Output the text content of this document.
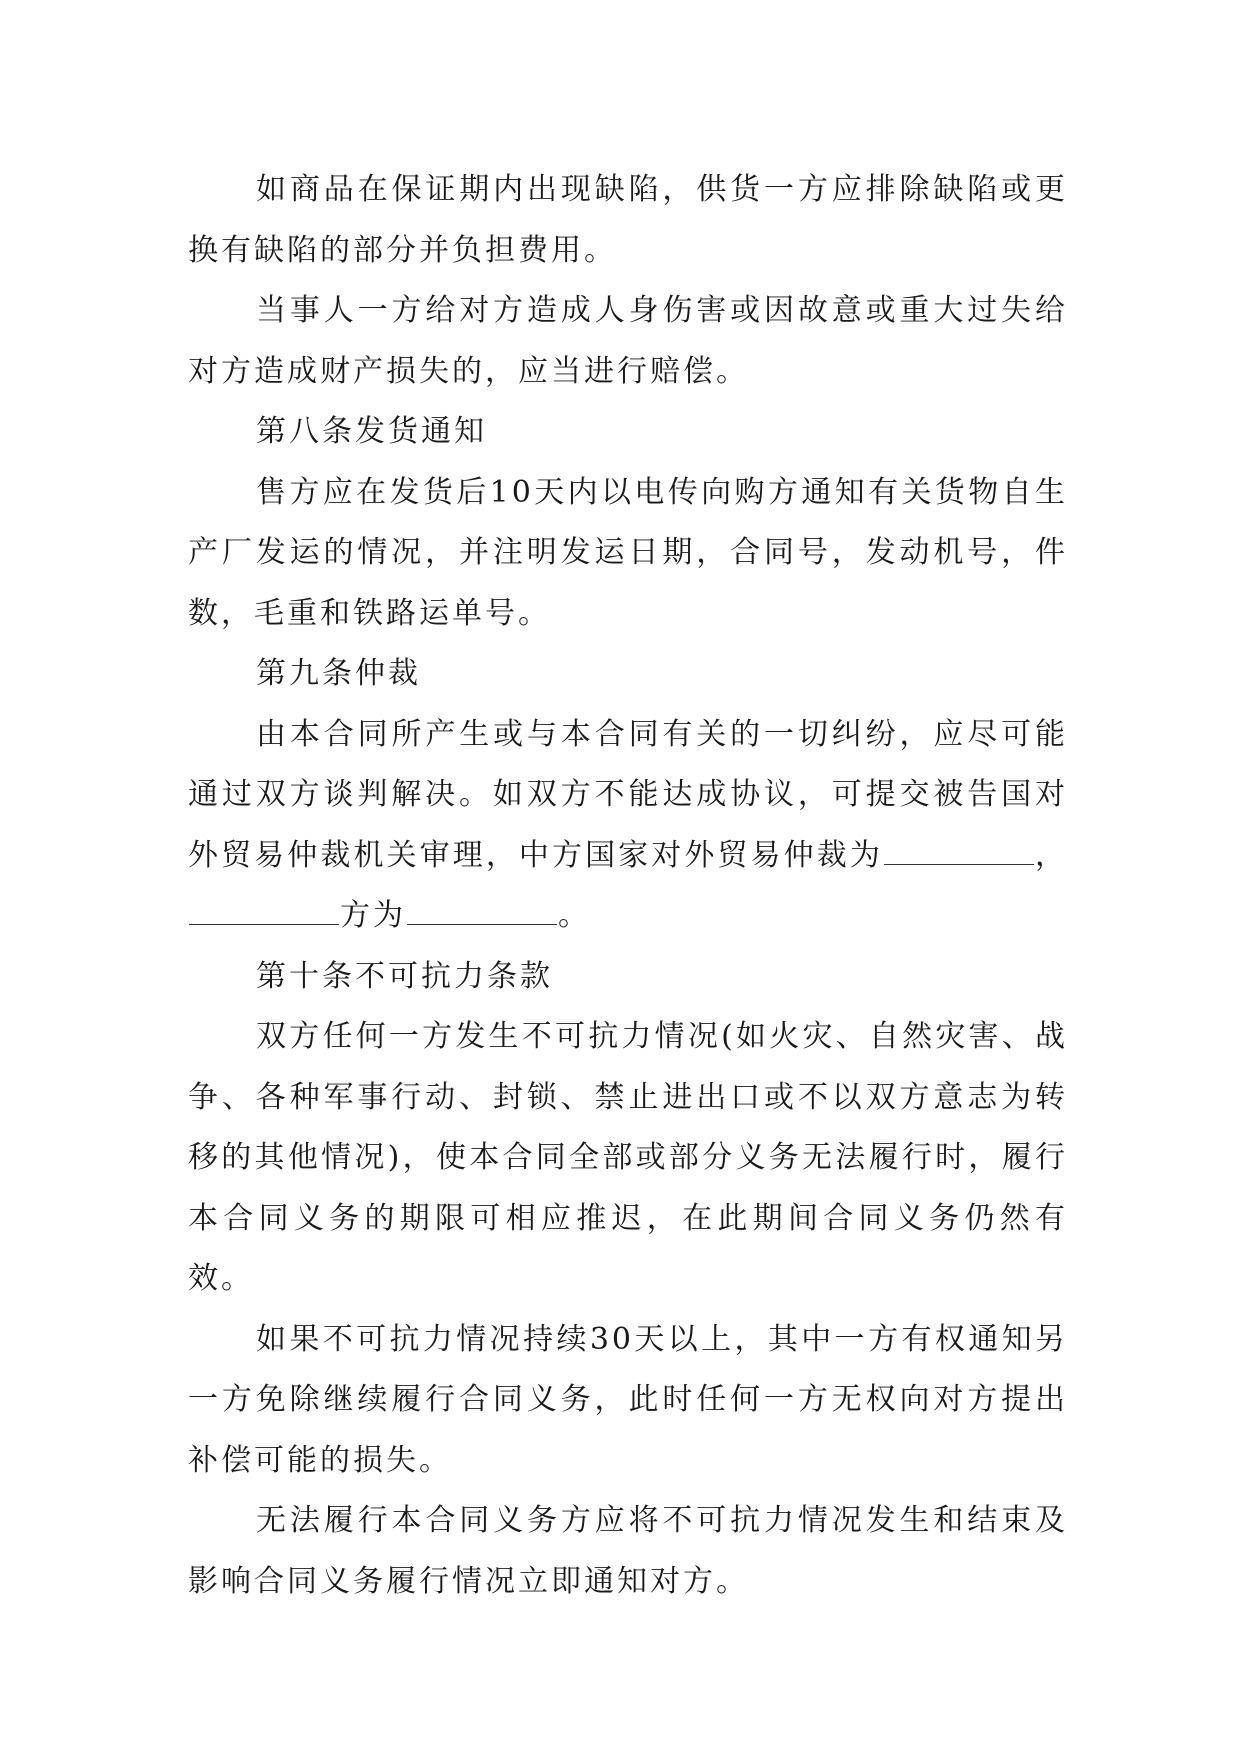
如商品在保证期内出现缺陷，供货一方应排除缺陷或更换有缺陷的部分并负担费用。

当事人一方给对方造成人身伤害或因故意或重大过失给对方造成财产损失的，应当进行赔偿。

第八条发货通知

售方应在发货后10天内以电传向购方通知有关货物自生产厂发运的情况，并注明发运日期，合同号，发动机号，件数，毛重和铁路运单号。

第九条仲裁

由本合同所产生或与本合同有关的一切纠纷，应尽可能通过双方谈判解决。如双方不能达成协议，可提交被告国对外贸易仲裁机关审理，中方国家对外贸易仲裁为	，方为	。

第十条不可抗力条款

双方任何一方发生不可抗力情况(如火灾、自然灾害、战争、各种军事行动、封锁、禁止进出口或不以双方意志为转移的其他情况)，使本合同全部或部分义务无法履行时，履行本合同义务的期限可相应推迟，在此期间合同义务仍然有效。

如果不可抗力情况持续30天以上，其中一方有权通知另一方免除继续履行合同义务，此时任何一方无权向对方提出补偿可能的损失。

无法履行本合同义务方应将不可抗力情况发生和结束及影响合同义务履行情况立即通知对方。
